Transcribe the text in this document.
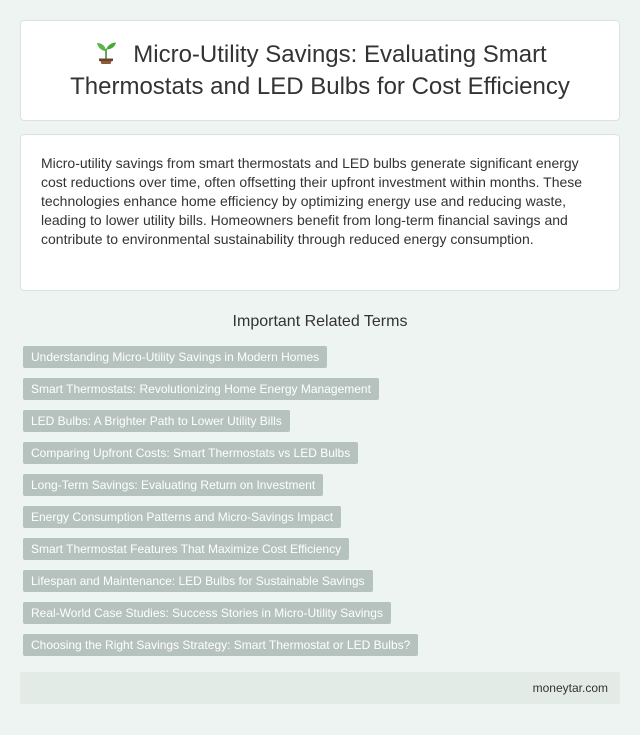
Micro-Utility Savings: Evaluating Smart Thermostats and LED Bulbs for Cost Efficiency

Micro-utility savings from smart thermostats and LED bulbs generate significant energy cost reductions over time, often offsetting their upfront investment within months. These technologies enhance home efficiency by optimizing energy use and reducing waste, leading to lower utility bills. Homeowners benefit from long-term financial savings and contribute to environmental sustainability through reduced energy consumption.

Important Related Terms
Understanding Micro-Utility Savings in Modern Homes
Smart Thermostats: Revolutionizing Home Energy Management
LED Bulbs: A Brighter Path to Lower Utility Bills
Comparing Upfront Costs: Smart Thermostats vs LED Bulbs
Long-Term Savings: Evaluating Return on Investment
Energy Consumption Patterns and Micro-Savings Impact
Smart Thermostat Features That Maximize Cost Efficiency
Lifespan and Maintenance: LED Bulbs for Sustainable Savings
Real-World Case Studies: Success Stories in Micro-Utility Savings
Choosing the Right Savings Strategy: Smart Thermostat or LED Bulbs?
moneytar.com
